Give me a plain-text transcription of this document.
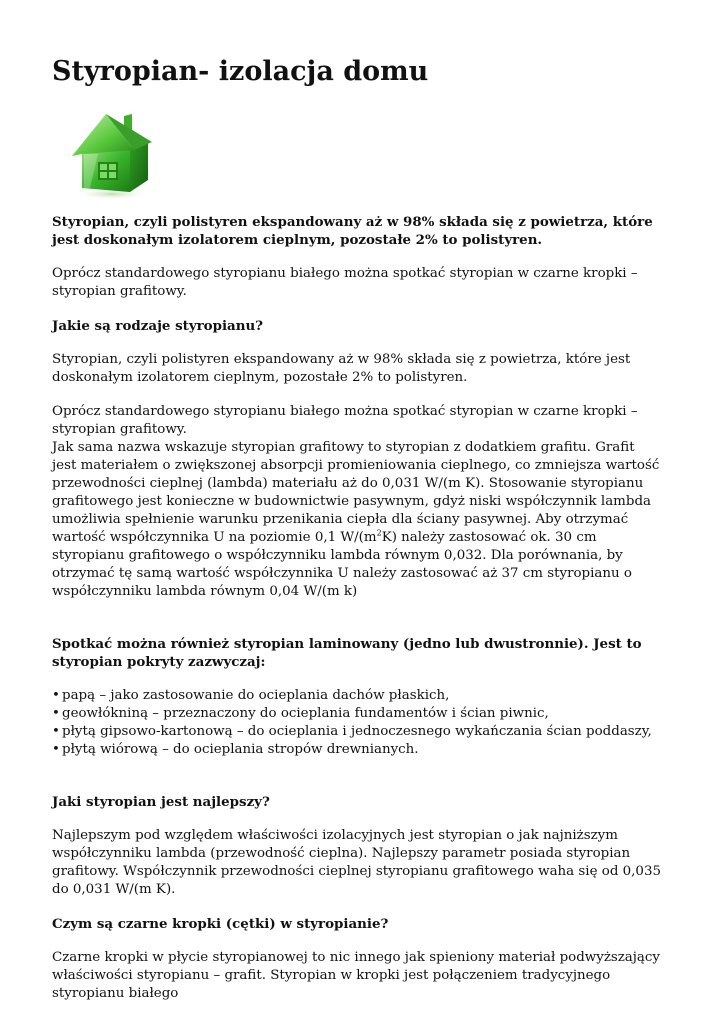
Styropian- izolacja domu

Styropian, czyli polistyren ekspandowany aż w 98% składa się z powietrza, które jest doskonałym izolatorem cieplnym, pozostałe 2% to polistyren.

Oprócz standardowego styropianu białego można spotkać styropian w czarne kropki – styropian grafitowy.

Jakie są rodzaje styropianu?

Styropian, czyli polistyren ekspandowany aż w 98% składa się z powietrza, które jest doskonałym izolatorem cieplnym, pozostałe 2% to polistyren.

Oprócz standardowego styropianu białego można spotkać styropian w czarne kropki – styropian grafitowy.
Jak sama nazwa wskazuje styropian grafitowy to styropian z dodatkiem grafitu. Grafit jest materiałem o zwiększonej absorpcji promieniowania cieplnego, co zmniejsza wartość przewodności cieplnej (lambda) materiału aż do 0,031 W/(m K). Stosowanie styropianu grafitowego jest konieczne w budownictwie pasywnym, gdyż niski współczynnik lambda umożliwia spełnienie warunku przenikania ciepła dla ściany pasywnej. Aby otrzymać wartość współczynnika U na poziomie 0,1 $W/(m^2K)$ należy zastosować ok. 30 cm styropianu grafitowego o współczynniku lambda równym 0,032. Dla porównania, by otrzymać tę samą wartość współczynnika U należy zastosować aż 37 cm styropianu o współczynniku lambda równym 0,04 W/(m k)

Spotkać można również styropian laminowany (jedno lub dwustronnie). Jest to styropian pokryty zazwyczaj:

• papą – jako zastosowanie do ocieplania dachów płaskich,
• geowłókniną – przeznaczony do ocieplania fundamentów i ścian piwnic,
• płytą gipsowo-kartonową – do ocieplania i jednoczesnego wykańczania ścian poddaszy,
• płytą wiórową – do ocieplania stropów drewnianych.

Jaki styropian jest najlepszy?

Najlepszym pod względem właściwości izolacyjnych jest styropian o jak najniższym współczynniku lambda (przewodność cieplna). Najlepszy parametr posiada styropian grafitowy. Współczynnik przewodności cieplnej styropianu grafitowego waha się od 0,035 do 0,031 W/(m K).

Czym są czarne kropki (cętki) w styropianie?

Czarne kropki w płycie styropianowej to nic innego jak spieniony materiał podwyższający właściwości styropianu – grafit. Styropian w kropki jest połączeniem tradycyjnego styropianu białego
